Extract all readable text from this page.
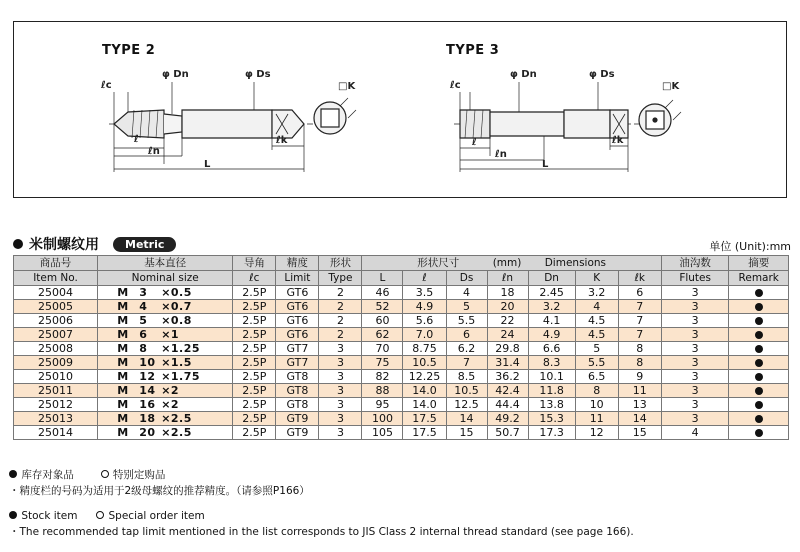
TYPE 2
ℓc
φ Dn	φ Ds
ℓ
ℓn
L
ℓk
□K
TYPE 3
ℓc
φ Dn	φ Ds
ℓ
ℓn
L
ℓk
□K
米制螺纹用	Metric	单位 (Unit):mm
商品号	基本直径	导角	精度	形状	形状尺寸 (mm) Dimensions							油沟数	摘要
Item No.	Nominal size	ℓc	Limit	Type	L	ℓ	Ds	ℓn	Dn	K	ℓk	Flutes	Remark
25004	M 3 ×0.5	2.5P	GT6	2	46	3.5	4	18	2.45	3.2	6	3	
25005	M 4 ×0.7	2.5P	GT6	2	52	4.9	5	20	3.2	4	7	3	
25006	M 5 ×0.8	2.5P	GT6	2	60	5.6	5.5	22	4.1	4.5	7	3	
25007	M 6 ×1	2.5P	GT6	2	62	7.0	6	24	4.9	4.5	7	3	
25008	M 8 ×1.25	2.5P	GT7	3	70	8.75	6.2	29.8	6.6	5	8	3	
25009	M 10 ×1.5	2.5P	GT7	3	75	10.5	7	31.4	8.3	5.5	8	3	
25010	M 12 ×1.75	2.5P	GT8	3	82	12.25	8.5	36.2	10.1	6.5	9	3	
25011	M 14 ×2	2.5P	GT8	3	88	14.0	10.5	42.4	11.8	8	11	3	
25012	M 16 ×2	2.5P	GT8	3	95	14.0	12.5	44.4	13.8	10	13	3	
25013	M 18 ×2.5	2.5P	GT9	3	100	17.5	14	49.2	15.3	11	14	3	
25014	M 20 ×2.5	2.5P	GT9	3	105	17.5	15	50.7	17.3	12	15	4	
库存对象品	特别定购品
・精度栏的号码为适用于2级母螺纹的推荐精度。（请参照P166）
Stock item	Special order item
・The recommended tap limit mentioned in the list corresponds to JIS Class 2 internal thread standard (see page 166).
